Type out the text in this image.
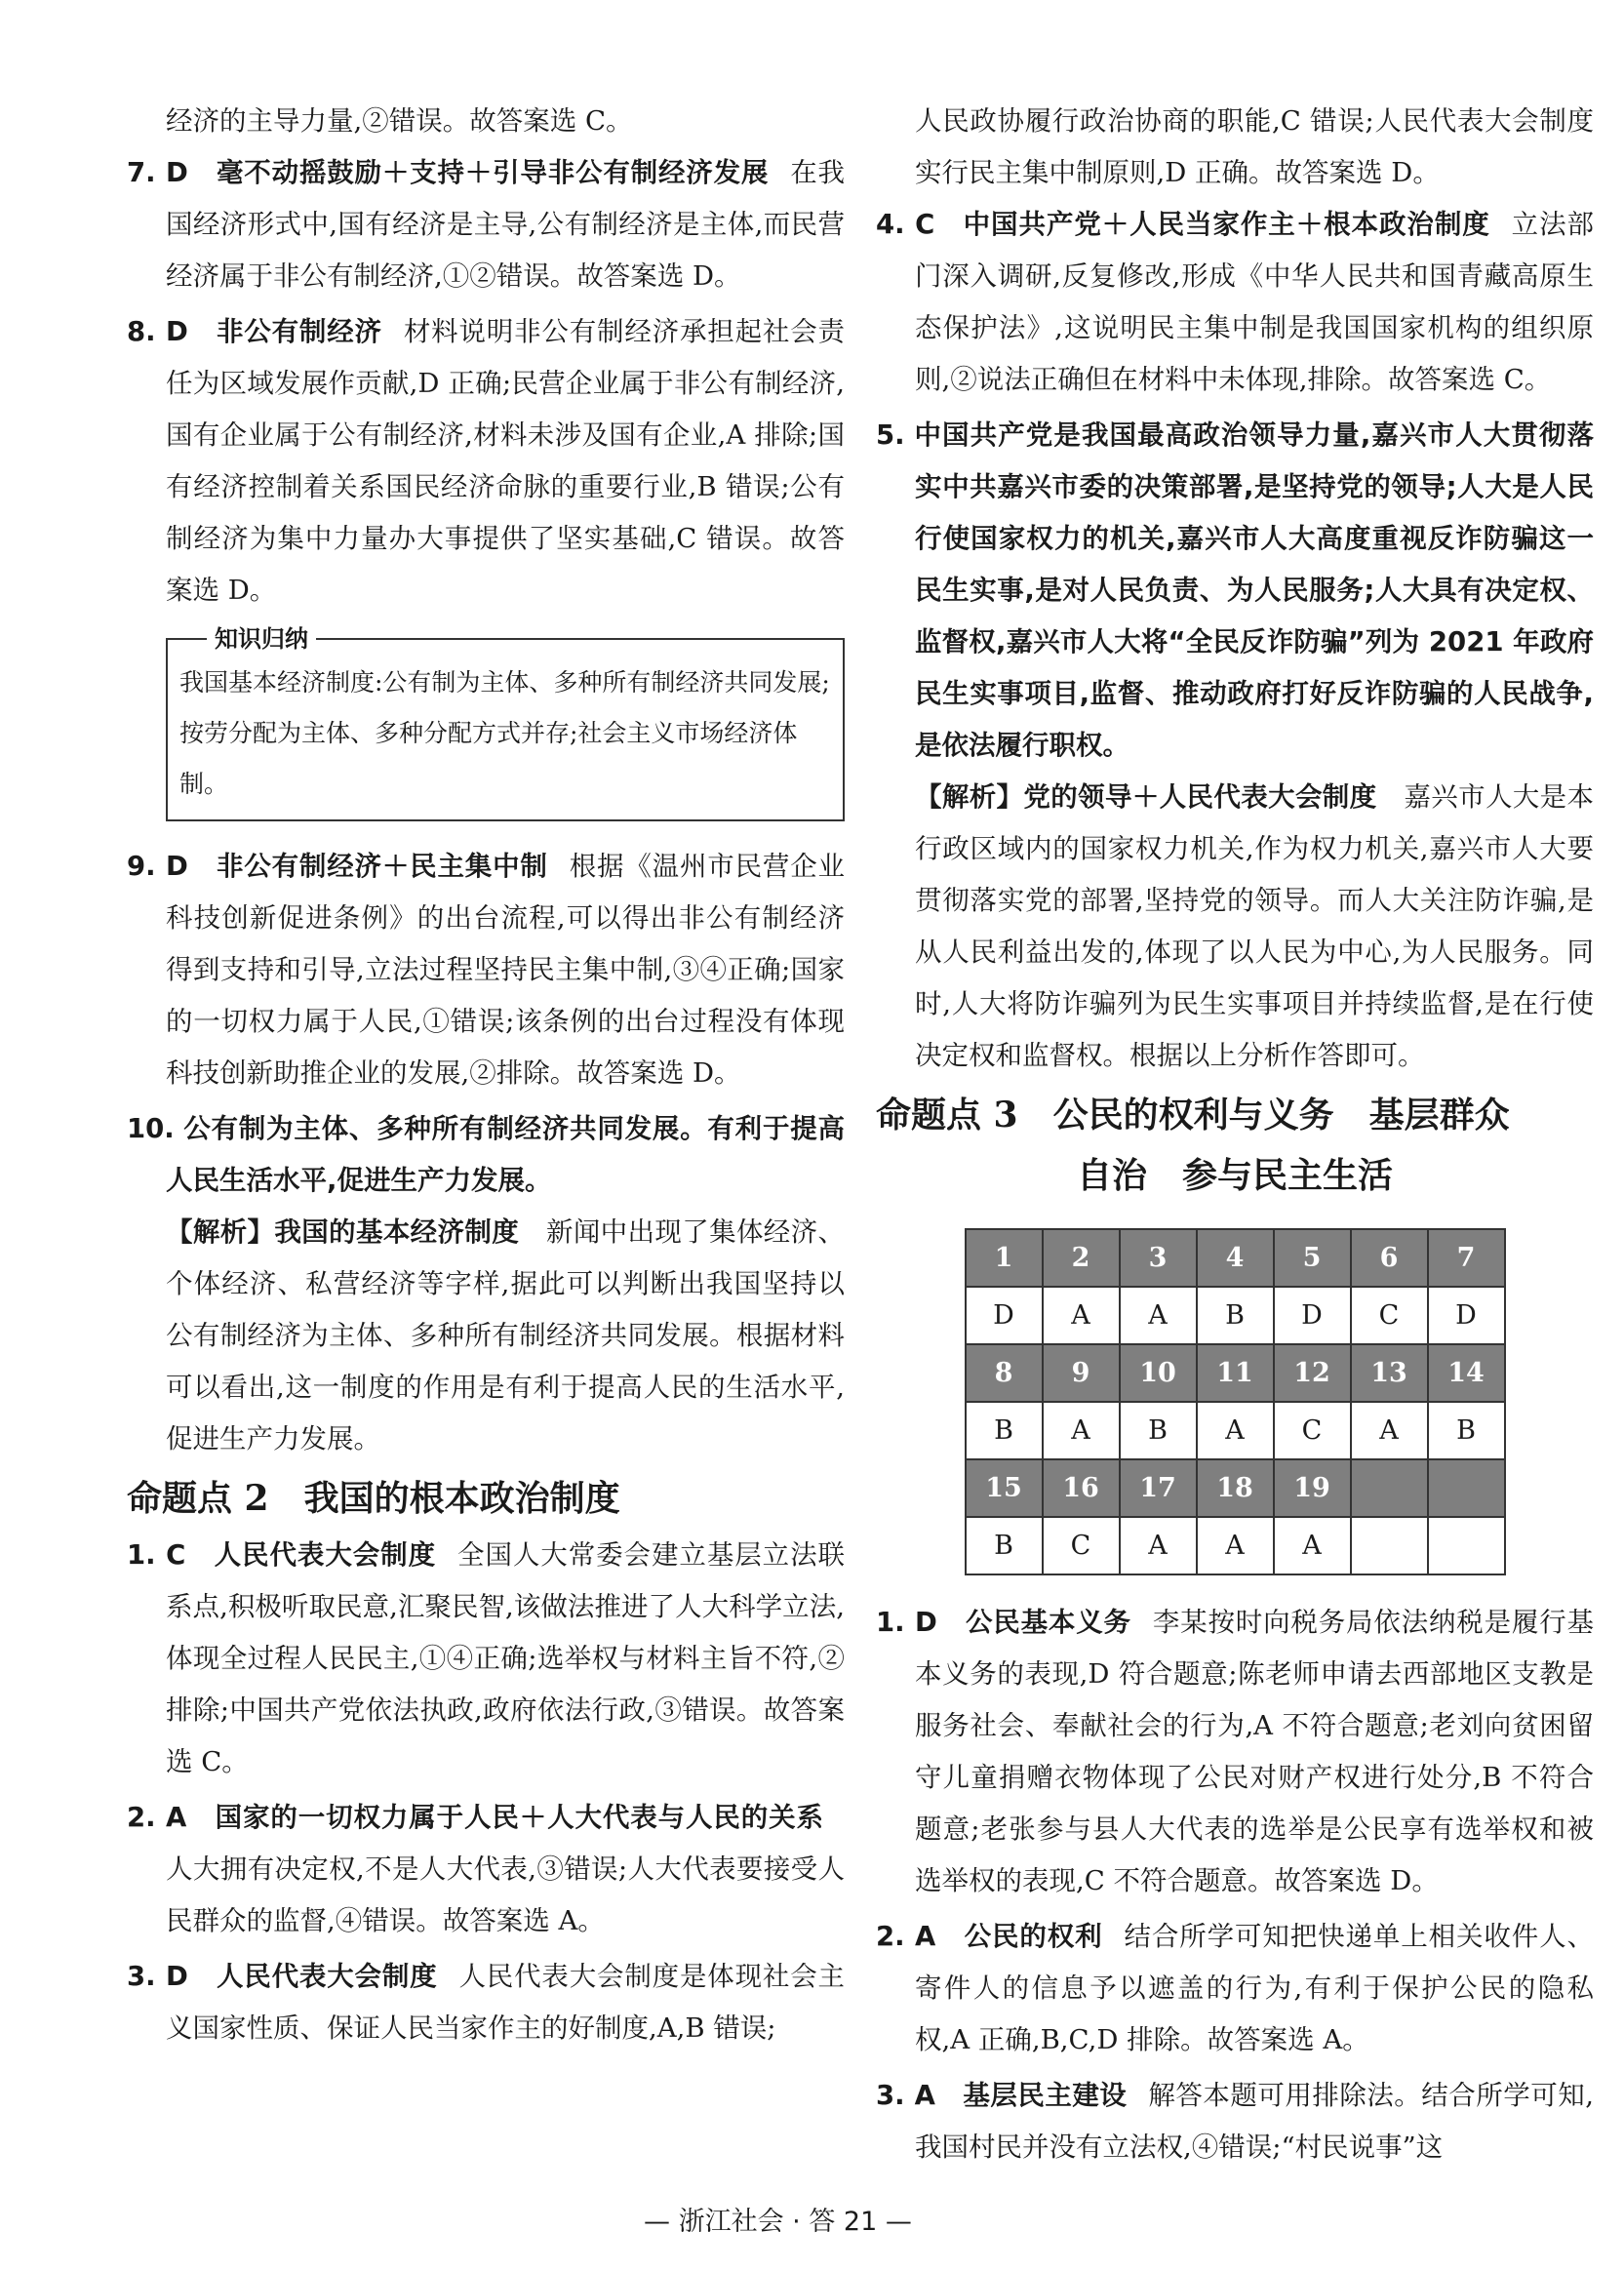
经济的主导力量,②错误。故答案选 C。

7. D　 毫不动摇鼓励＋支持＋引导非公有制经济发展 在我国经济形式中,国有经济是主导,公有制经济是主体,而民营经济属于非公有制经济,①②错误。故答案选 D。

8. D　 非公有制经济 材料说明非公有制经济承担起社会责任为区域发展作贡献,D 正确;民营企业属于非公有制经济,国有企业属于公有制经济,材料未涉及国有企业,A 排除;国有经济控制着关系国民经济命脉的重要行业,B 错误;公有制经济为集中力量办大事提供了坚实基础,C 错误。故答案选 D。

知识归纳
我国基本经济制度:公有制为主体、多种所有制经济共同发展;按劳分配为主体、多种分配方式并存;社会主义市场经济体制。

9. D　 非公有制经济＋民主集中制 根据《温州市民营企业科技创新促进条例》的出台流程,可以得出非公有制经济得到支持和引导,立法过程坚持民主集中制,③④正确;国家的一切权力属于人民,①错误;该条例的出台过程没有体现科技创新助推企业的发展,②排除。故答案选 D。

10. 公有制为主体、多种所有制经济共同发展。有利于提高人民生活水平,促进生产力发展。

【解析】我国的基本经济制度　 新闻中出现了集体经济、个体经济、私营经济等字样,据此可以判断出我国坚持以公有制经济为主体、多种所有制经济共同发展。根据材料可以看出,这一制度的作用是有利于提高人民的生活水平,促进生产力发展。

命题点 2　我国的根本政治制度

1. C　 人民代表大会制度 全国人大常委会建立基层立法联系点,积极听取民意,汇聚民智,该做法推进了人大科学立法,体现全过程人民民主,①④正确;选举权与材料主旨不符,②排除;中国共产党依法执政,政府依法行政,③错误。故答案选 C。

2. A　 国家的一切权力属于人民＋人大代表与人民的关系人大拥有决定权,不是人大代表,③错误;人大代表要接受人民群众的监督,④错误。故答案选 A。

3. D　 人民代表大会制度 人民代表大会制度是体现社会主义国家性质、保证人民当家作主的好制度,A,B 错误;

人民政协履行政治协商的职能,C 错误;人民代表大会制度实行民主集中制原则,D 正确。故答案选 D。

4. C　 中国共产党＋人民当家作主＋根本政治制度 立法部门深入调研,反复修改,形成《中华人民共和国青藏高原生态保护法》,这说明民主集中制是我国国家机构的组织原则,②说法正确但在材料中未体现,排除。故答案选 C。

5. 中国共产党是我国最高政治领导力量,嘉兴市人大贯彻落实中共嘉兴市委的决策部署,是坚持党的领导;人大是人民行使国家权力的机关,嘉兴市人大高度重视反诈防骗这一民生实事,是对人民负责、为人民服务;人大具有决定权、监督权,嘉兴市人大将“全民反诈防骗”列为 2021 年政府民生实事项目,监督、推动政府打好反诈防骗的人民战争,是依法履行职权。

【解析】党的领导＋人民代表大会制度　 嘉兴市人大是本行政区域内的国家权力机关,作为权力机关,嘉兴市人大要贯彻落实党的部署,坚持党的领导。而人大关注防诈骗,是从人民利益出发的,体现了以人民为中心,为人民服务。同时,人大将防诈骗列为民生实事项目并持续监督,是在行使决定权和监督权。根据以上分析作答即可。

命题点 3　公民的权利与义务　基层群众
自治　参与民主生活
1	2	3	4	5	6	7
D	A	A	B	D	C	D
8	9	10	11	12	13	14
B	A	B	A	C	A	B
15	16	17	18	19		
B	C	A	A	A		

1. D　 公民基本义务 李某按时向税务局依法纳税是履行基本义务的表现,D 符合题意;陈老师申请去西部地区支教是服务社会、奉献社会的行为,A 不符合题意;老刘向贫困留守儿童捐赠衣物体现了公民对财产权进行处分,B 不符合题意;老张参与县人大代表的选举是公民享有选举权和被选举权的表现,C 不符合题意。故答案选 D。

2. A　 公民的权利 结合所学可知把快递单上相关收件人、寄件人的信息予以遮盖的行为,有利于保护公民的隐私权,A 正确,B,C,D 排除。故答案选 A。

3. A　 基层民主建设 解答本题可用排除法。结合所学可知,我国村民并没有立法权,④错误;“村民说事”这

— 浙江社会 · 答 21 —
